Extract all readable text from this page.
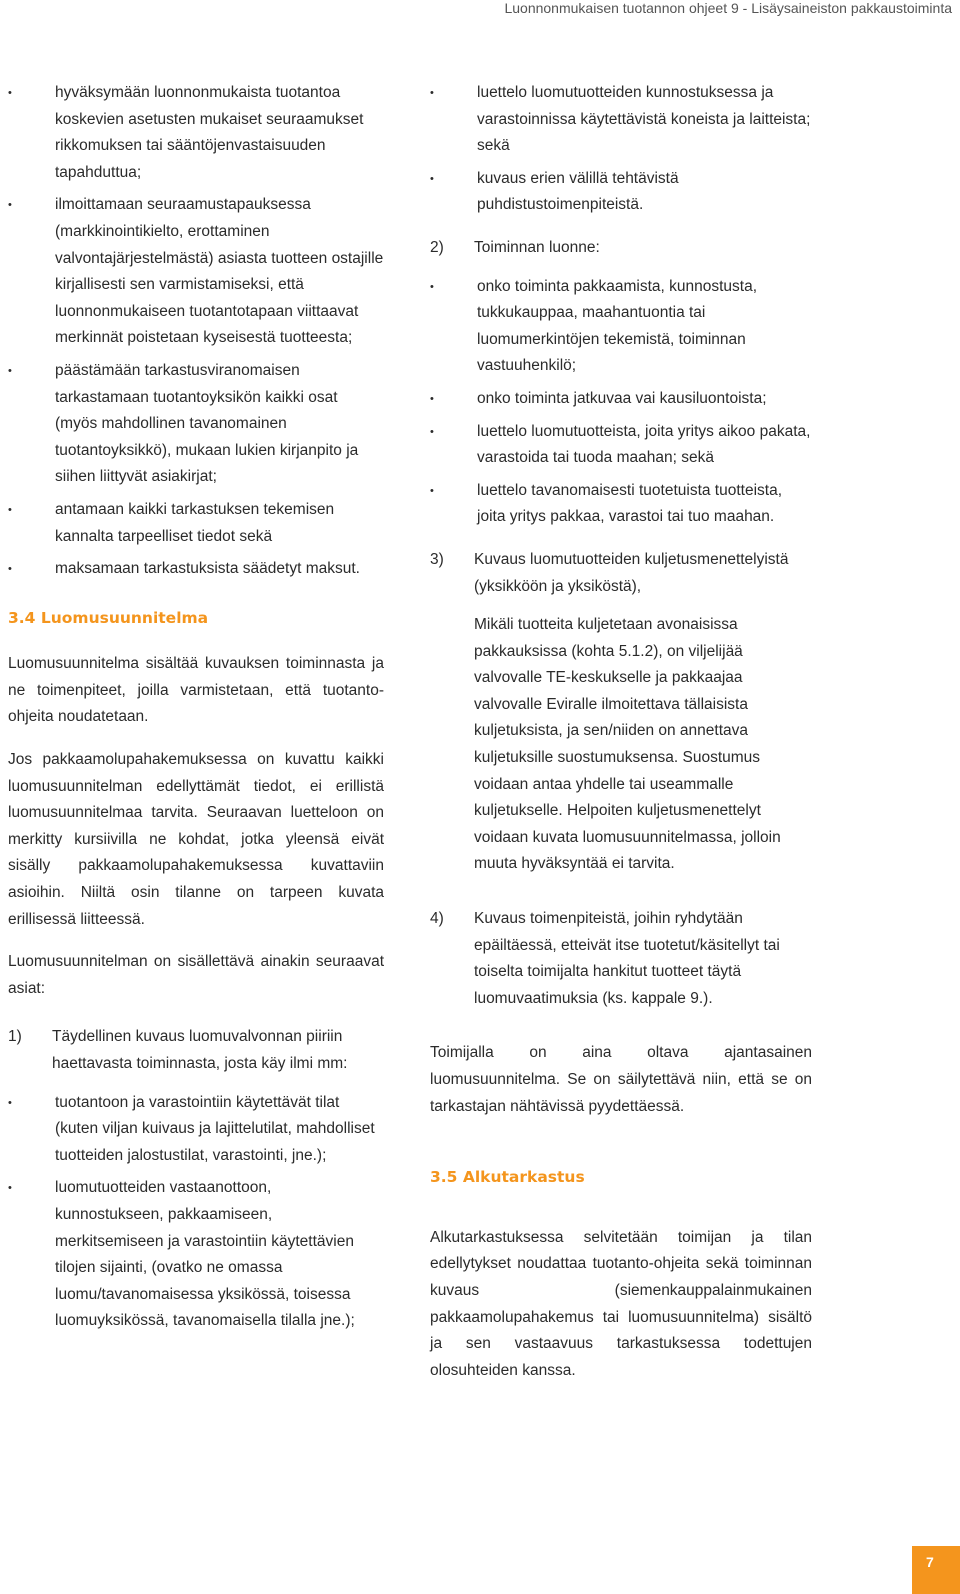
Luonnonmukaisen tuotannon ohjeet 9 - Lisäysaineiston pakkaustoiminta
•	hyväksymään luonnonmukaista tuotantoa koskevien asetusten mukaiset seuraamukset rikkomuksen tai sääntöjenvastaisuuden tapahduttua;
•	ilmoittamaan seuraamustapauksessa (markkinointikielto, erottaminen valvontajärjestelmästä) asiasta tuotteen ostajille kirjallisesti sen varmistamiseksi, että luonnonmukaiseen tuotantotapaan viittaavat merkinnät poistetaan kyseisestä tuotteesta;
•	päästämään tarkastusviranomaisen tarkastamaan tuotantoyksikön kaikki osat (myös mahdollinen tavanomainen tuotantoyksikkö), mukaan lukien kirjanpito ja siihen liittyvät asiakirjat;
•	antamaan kaikki tarkastuksen tekemisen kannalta tarpeelliset tiedot sekä
•	maksamaan tarkastuksista säädetyt maksut.
3.4 Luomusuunnitelma

Luomusuunnitelma sisältää kuvauksen toiminnasta ja ne toimenpiteet, joilla varmistetaan, että tuotanto-ohjeita noudatetaan.

Jos pakkaamolupahakemuksessa on kuvattu kaikki luomusuunnitelman edellyttämät tiedot, ei erillistä luomusuunnitelmaa tarvita. Seuraavan luetteloon on merkitty kursiivilla ne kohdat, jotka yleensä eivät sisälly pakkaamolupahakemuksessa kuvattaviin asioihin. Niiltä osin tilanne on tarpeen kuvata erillisessä liitteessä.

Luomusuunnitelman on sisällettävä ainakin seuraavat asiat:

1) Täydellinen kuvaus luomuvalvonnan piiriin haettavasta toiminnasta, josta käy ilmi mm:
•	tuotantoon ja varastointiin käytettävät tilat (kuten viljan kuivaus ja lajittelutilat, mahdolliset tuotteiden jalostustilat, varastointi, jne.);
•	luomutuotteiden vastaanottoon, kunnostukseen, pakkaamiseen, merkitsemiseen ja varastointiin käytettävien tilojen sijainti, (ovatko ne omassa luomu/tavanomaisessa yksikössä, toisessa luomuyksikössä, tavanomaisella tilalla jne.);
•	luettelo luomutuotteiden kunnostuksessa ja varastoinnissa käytettävistä koneista ja laitteista; sekä
•	kuvaus erien välillä tehtävistä puhdistustoimenpiteistä.
2) Toiminnan luonne:
•	onko toiminta pakkaamista, kunnostusta, tukkukauppaa, maahantuontia tai luomumerkintöjen tekemistä, toiminnan vastuuhenkilö;
•	onko toiminta jatkuvaa vai kausiluontoista;
•	luettelo luomutuotteista, joita yritys aikoo pakata, varastoida tai tuoda maahan; sekä
•	luettelo tavanomaisesti tuotetuista tuotteista, joita yritys pakkaa, varastoi tai tuo maahan.
3) Kuvaus luomutuotteiden kuljetusmenettelyistä (yksikköön ja yksiköstä),
Mikäli tuotteita kuljetetaan avonaisissa pakkauksissa (kohta 5.1.2), on viljelijää valvovalle TE-keskukselle ja pakkaajaa valvovalle Eviralle ilmoitettava tällaisista kuljetuksista, ja sen/niiden on annettava kuljetuksille suostumuksensa. Suostumus voidaan antaa yhdelle tai useammalle kuljetukselle. Helpoiten kuljetusmenettelyt voidaan kuvata luomusuunnitelmassa, jolloin muuta hyväksyntää ei tarvita.
4) Kuvaus toimenpiteistä, joihin ryhdytään epäiltäessä, etteivät itse tuotetut/käsitellyt tai toiselta toimijalta hankitut tuotteet täytä luomuvaatimuksia (ks. kappale 9.).

Toimijalla on aina oltava ajantasainen luomusuunnitelma. Se on säilytettävä niin, että se on tarkastajan nähtävissä pyydettäessä.

3.5 Alkutarkastus

Alkutarkastuksessa selvitetään toimijan ja tilan edellytykset noudattaa tuotanto-ohjeita sekä toiminnan kuvaus (siemenkauppalainmukainen pakkaamolupahakemus tai luomusuunnitelma) sisältö ja sen vastaavuus tarkastuksessa todettujen olosuhteiden kanssa.

7
